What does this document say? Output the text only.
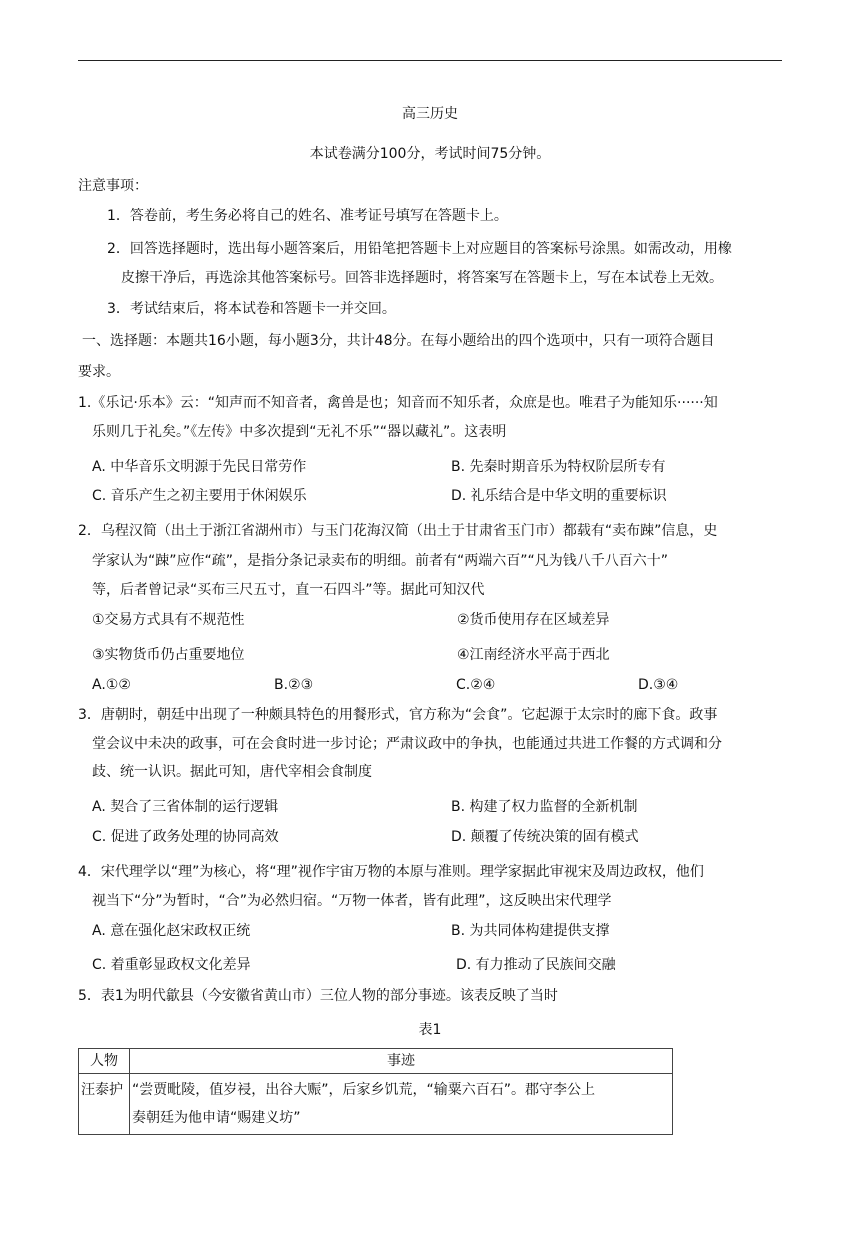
高三历史
本试卷满分100分，考试时间75分钟。
注意事项：
1．答卷前，考生务必将自己的姓名、准考证号填写在答题卡上。
2．回答选择题时，选出每小题答案后，用铅笔把答题卡上对应题目的答案标号涂黑。如需改动，用橡
皮擦干净后，再选涂其他答案标号。回答非选择题时，将答案写在答题卡上，写在本试卷上无效。
3．考试结束后，将本试卷和答题卡一并交回。
一、选择题：本题共16小题，每小题3分，共计48分。在每小题给出的四个选项中，只有一项符合题目
要求。
1.《乐记·乐本》云：“知声而不知音者，禽兽是也；知音而不知乐者，众庶是也。唯君子为能知乐······知
乐则几于礼矣。”《左传》中多次提到“无礼不乐”“器以藏礼”。这表明
A. 中华音乐文明源于先民日常劳作	B. 先秦时期音乐为特权阶层所专有
C. 音乐产生之初主要用于休闲娱乐	D. 礼乐结合是中华文明的重要标识
2．乌程汉简（出土于浙江省湖州市）与玉门花海汉简（出土于甘肃省玉门市）都载有“卖布踈”信息，史
学家认为“踈”应作“疏”，是指分条记录卖布的明细。前者有“两端六百”“凡为钱八千八百六十”
等，后者曾记录“买布三尺五寸，直一石四斗”等。据此可知汉代
①交易方式具有不规范性	②货币使用存在区域差异
③实物货币仍占重要地位	④江南经济水平高于西北
A.①②	B.②③	C.②④	D.③④
3．唐朝时，朝廷中出现了一种颇具特色的用餐形式，官方称为“会食”。它起源于太宗时的廊下食。政事
堂会议中未决的政事，可在会食时进一步讨论；严肃议政中的争执，也能通过共进工作餐的方式调和分
歧、统一认识。据此可知，唐代宰相会食制度
A. 契合了三省体制的运行逻辑	B. 构建了权力监督的全新机制
C. 促进了政务处理的协同高效	D. 颠覆了传统决策的固有模式
4．宋代理学以“理”为核心，将“理”视作宇宙万物的本原与准则。理学家据此审视宋及周边政权，他们
视当下“分”为暂时，“合”为必然归宿。“万物一体者，皆有此理”，这反映出宋代理学
A. 意在强化赵宋政权正统	B. 为共同体构建提供支撑
C. 着重彰显政权文化差异	D. 有力推动了民族间交融
5．表1为明代歙县（今安徽省黄山市）三位人物的部分事迹。该表反映了当时
表1
人物	事迹
汪泰护	“尝贾毗陵，值岁祲，出谷大赈”，后家乡饥荒，“输粟六百石”。郡守李公上
奏朝廷为他申请“赐建义坊”
